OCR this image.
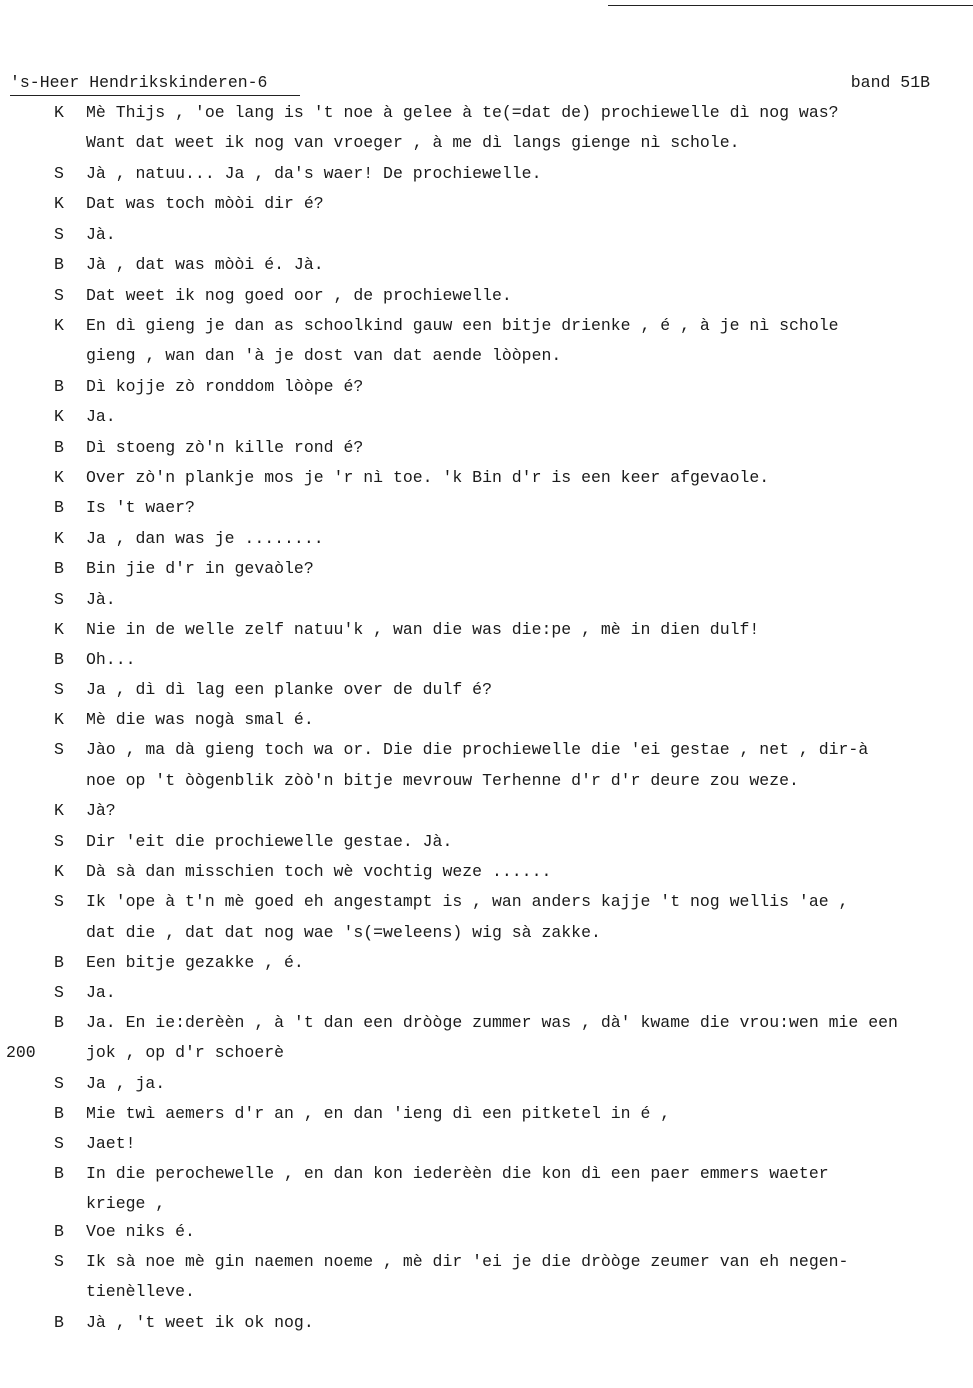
's-Heer Hendrikskinderen-6	band 51B
200
K Mè Thijs , 'oe lang is 't noe à gelee à te(=dat de) prochiewelle dì nog was?
Want dat weet ik nog van vroeger , à me dì langs gienge nì schole.
S Jà , natuu... Ja , da's waer! De prochiewelle.
K Dat was toch mòòi dir é?
S Jà.
B Jà , dat was mòòi é. Jà.
S Dat weet ik nog goed oor , de prochiewelle.
K En dì gieng je dan as schoolkind gauw een bitje drienke , é , à je nì schole
gieng , wan dan 'à je dost van dat aende lòòpen.
B Dì kojje zò ronddom lòòpe é?
K Ja.
B Dì stoeng zò'n kille rond é?
K Over zò'n plankje mos je 'r nì toe. 'k Bin d'r is een keer afgevaole.
B Is 't waer?
K Ja , dan was je ........
B Bin jie d'r in gevaòle?
S Jà.
K Nie in de welle zelf natuu'k , wan die was die:pe , mè in dien dulf!
B Oh...
S Ja , dì dì lag een planke over de dulf é?
K Mè die was nogà smal é.
S Jào , ma dà gieng toch wa or. Die die prochiewelle die 'ei gestae , net , dir-à
noe op 't òògenblik zòò'n bitje mevrouw Terhenne d'r d'r deure zou weze.
K Jà?
S Dir 'eit die prochiewelle gestae. Jà.
K Dà sà dan misschien toch wè vochtig weze ......
S Ik 'ope à t'n mè goed eh angestampt is , wan anders kajje 't nog wellis 'ae ,
dat die , dat dat nog wae 's(=weleens) wig sà zakke.
B Een bitje gezakke , é.
S Ja.
B Ja. En ie:derèèn , à 't dan een dròòge zummer was , dà' kwame die vrou:wen mie een
jok , op d'r schoerè
S Ja , ja.
B Mie twì aemers d'r an , en dan 'ieng dì een pitketel in é ,
S Jaet!
B In die perochewelle , en dan kon iederèèn die kon dì een paer emmers waeter
kriege ,
B Voe niks é.
S Ik sà noe mè gin naemen noeme , mè dir 'ei je die dròòge zeumer van eh negen-
tienèlleve.
B Jà , 't weet ik ok nog.
